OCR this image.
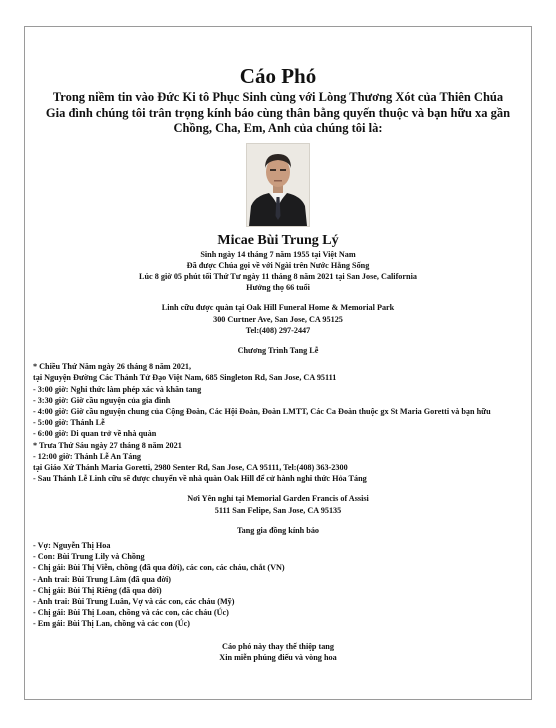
Cáo Phó
Trong niềm tin vào Đức Ki tô Phục Sinh cùng với Lòng Thương Xót của Thiên Chúa
Gia đình chúng tôi trân trọng kính báo cùng thân bằng quyến thuộc và bạn hữu xa gần
Chồng, Cha, Em, Anh của chúng tôi là:
Micae Bùi Trung Lý
Sinh ngày 14 tháng 7 năm 1955 tại Việt Nam
Đã được Chúa gọi về với Ngài trên Nước Hằng Sống
Lúc 8 giờ 05 phút tối Thứ Tư ngày 11 tháng 8 năm 2021 tại San Jose, California
Hưởng thọ 66 tuổi
Linh cữu được quàn tại Oak Hill Funeral Home & Memorial Park
300 Curtner Ave, San Jose, CA 95125
Tel:(408) 297-2447
Chương Trình Tang Lễ
* Chiều Thứ Năm ngày 26 tháng 8 năm 2021,
tại Nguyện Đường Các Thánh Tử Đạo Việt Nam, 685 Singleton Rd, San Jose, CA 95111
- 3:00 giờ: Nghi thức làm phép xác và khăn tang
- 3:30 giờ: Giờ cầu nguyện của gia đình
- 4:00 giờ: Giờ cầu nguyện chung của Cộng Đoàn, Các Hội Đoàn, Đoàn LMTT, Các Ca Đoàn thuộc gx St Maria Goretti và bạn hữu
- 5:00 giờ: Thánh Lễ
- 6:00 giờ: Di quan trở về nhà quàn
* Trưa Thứ Sáu ngày 27 tháng 8 năm 2021
- 12:00 giờ: Thánh Lễ An Táng
tại Giáo Xứ Thánh Maria Goretti, 2980 Senter Rd, San Jose, CA 95111, Tel:(408) 363-2300
- Sau Thánh Lễ Linh cữu sẽ được chuyển về nhà quàn Oak Hill để cử hành nghi thức Hỏa Táng
Nơi Yên nghỉ tại Memorial Garden Francis of Assisi
5111 San Felipe, San Jose, CA 95135
Tang gia đồng kính báo
- Vợ: Nguyễn Thị Hoa
- Con: Bùi Trung Lily và Chồng
- Chị gái: Bùi Thị Viễn, chồng (đã qua đời), các con, các cháu, chắt (VN)
- Anh trai: Bùi Trung Lâm (đã qua đời)
- Chị gái: Bùi Thị Riêng (đã qua đời)
- Anh trai: Bùi Trung Luân, Vợ và các con, các cháu (Mỹ)
- Chị gái: Bùi Thị Loan, chồng và các con, các cháu (Úc)
- Em gái: Bùi Thị Lan, chồng và các con (Úc)
Cáo phó này thay thế thiệp tang
Xin miễn phúng điếu và vòng hoa
